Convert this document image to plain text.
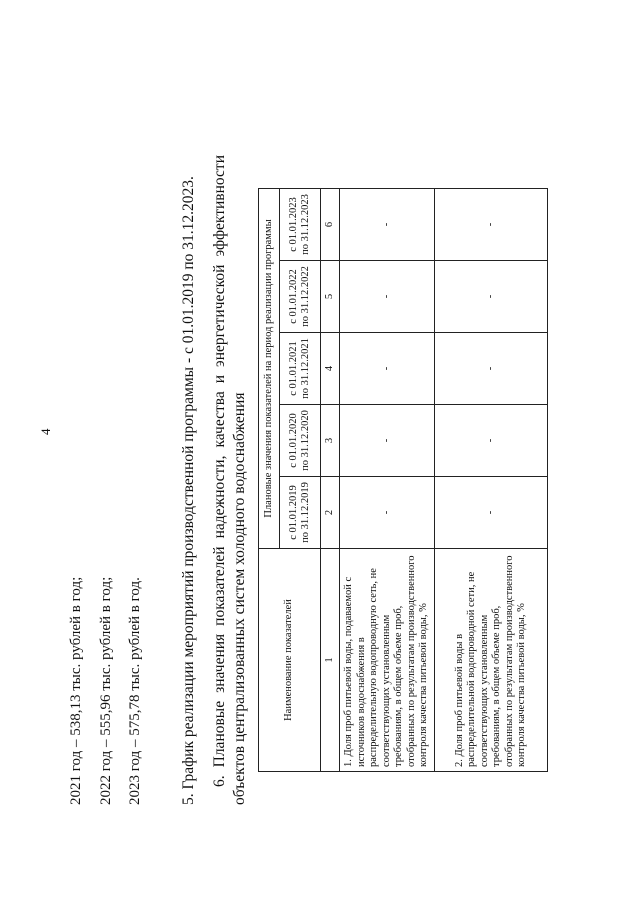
4
2021 год – 538,13 тыс. рублей в год; 2022 год – 555,96 тыс. рублей в год; 2023 год – 575,78 тыс. рублей в год. 5. График реализации мероприятий производственной программы - с 01.01.2019 по 31.12.2023. 6. Плановые значения показателей надежности, качества и энергетической эффективности объектов централизованных систем холодного водоснабжения	Наименование показателей	Плановые значения показателей на период реализации программы				
	с 01.01.2019 по 31.12.2019	с 01.01.2020 по 31.12.2020	с 01.01.2021 по 31.12.2021	с 01.01.2022 по 31.12.2022	с 01.01.2023 по 31.12.2023
1	2	3	4	5	6
1. Доля проб питьевой воды, подаваемой с источников водоснабжения в распределительную водопроводную сеть, не соответствующих установленным требованиям, в общем объеме проб, отобранных по результатам производственного контроля качества питьевой воды, %	-	-	-	-	-
2. Доля проб питьевой воды в распределительной водопроводной сети, не соответствующих установленным требованиям, в общем объеме проб, отобранных по результатам производственного контроля качества питьевой воды, %	-	-	-	-	-
